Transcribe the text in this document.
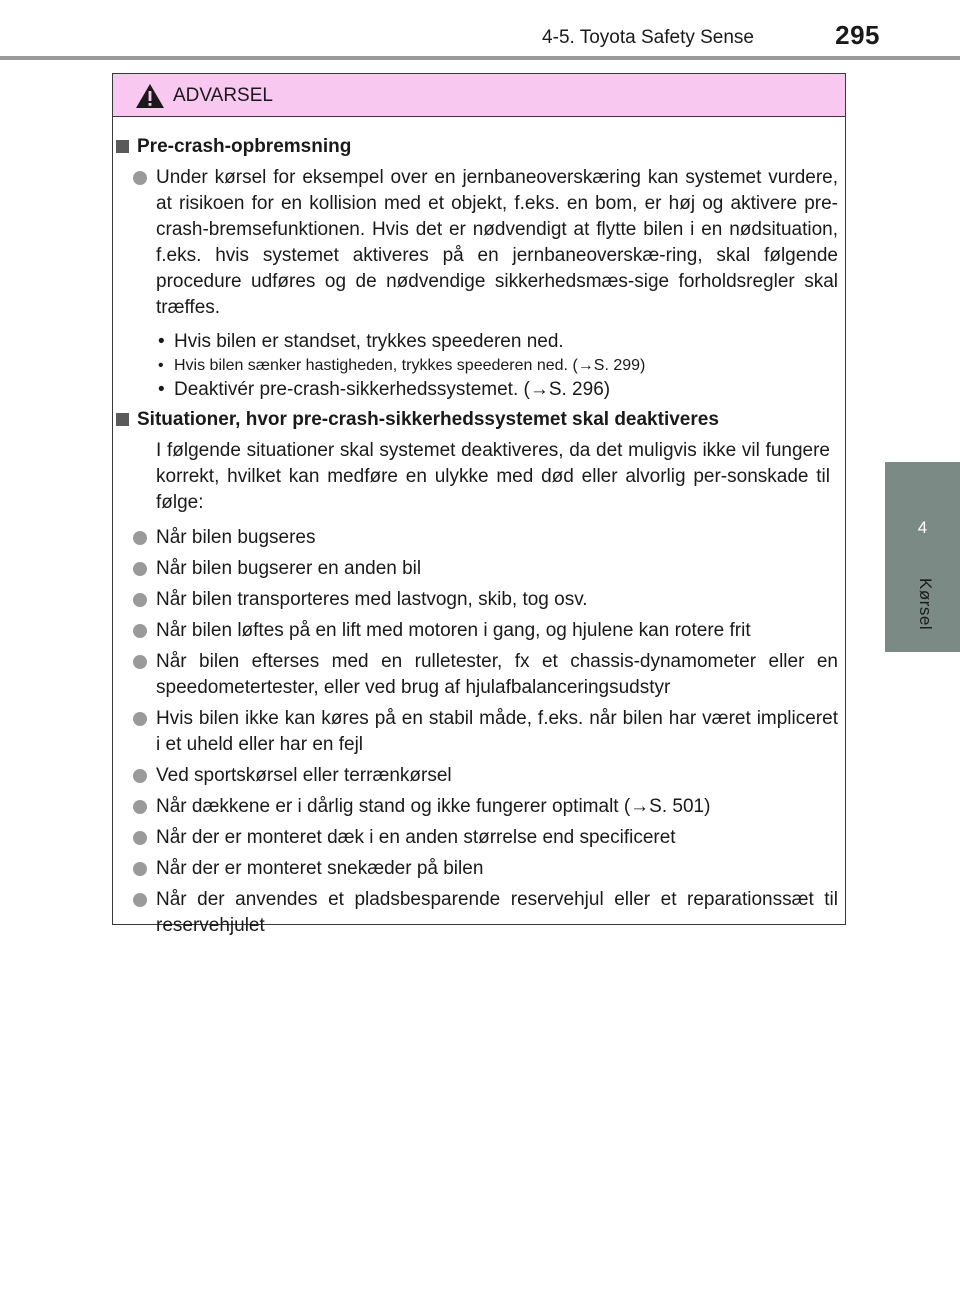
4-5. Toyota Safety Sense	295
4
Kørsel
ADVARSEL
Pre-crash-opbremsning
Under kørsel for eksempel over en jernbaneoverskæring kan systemet vurdere, at risikoen for en kollision med et objekt, f.eks. en bom, er høj og aktivere pre-crash-bremsefunktionen. Hvis det er nødvendigt at flytte bilen i en nødsituation, f.eks. hvis systemet aktiveres på en jernbaneoverskæ-ring, skal følgende procedure udføres og de nødvendige sikkerhedsmæs-sige forholdsregler skal træffes.
• Hvis bilen er standset, trykkes speederen ned.
• Hvis bilen sænker hastigheden, trykkes speederen ned. (→S. 299)
• Deaktivér pre-crash-sikkerhedssystemet. (→S. 296)
Situationer, hvor pre-crash-sikkerhedssystemet skal deaktiveres
I følgende situationer skal systemet deaktiveres, da det muligvis ikke vil fungere korrekt, hvilket kan medføre en ulykke med død eller alvorlig per-sonskade til følge:
Når bilen bugseres
Når bilen bugserer en anden bil
Når bilen transporteres med lastvogn, skib, tog osv.
Når bilen løftes på en lift med motoren i gang, og hjulene kan rotere frit
Når bilen efterses med en rulletester, fx et chassis-dynamometer eller en speedometertester, eller ved brug af hjulafbalanceringsudstyr
Hvis bilen ikke kan køres på en stabil måde, f.eks. når bilen har været impliceret i et uheld eller har en fejl
Ved sportskørsel eller terrænkørsel
Når dækkene er i dårlig stand og ikke fungerer optimalt (→S. 501)
Når der er monteret dæk i en anden størrelse end specificeret
Når der er monteret snekæder på bilen
Når der anvendes et pladsbesparende reservehjul eller et reparationssæt til reservehjulet
